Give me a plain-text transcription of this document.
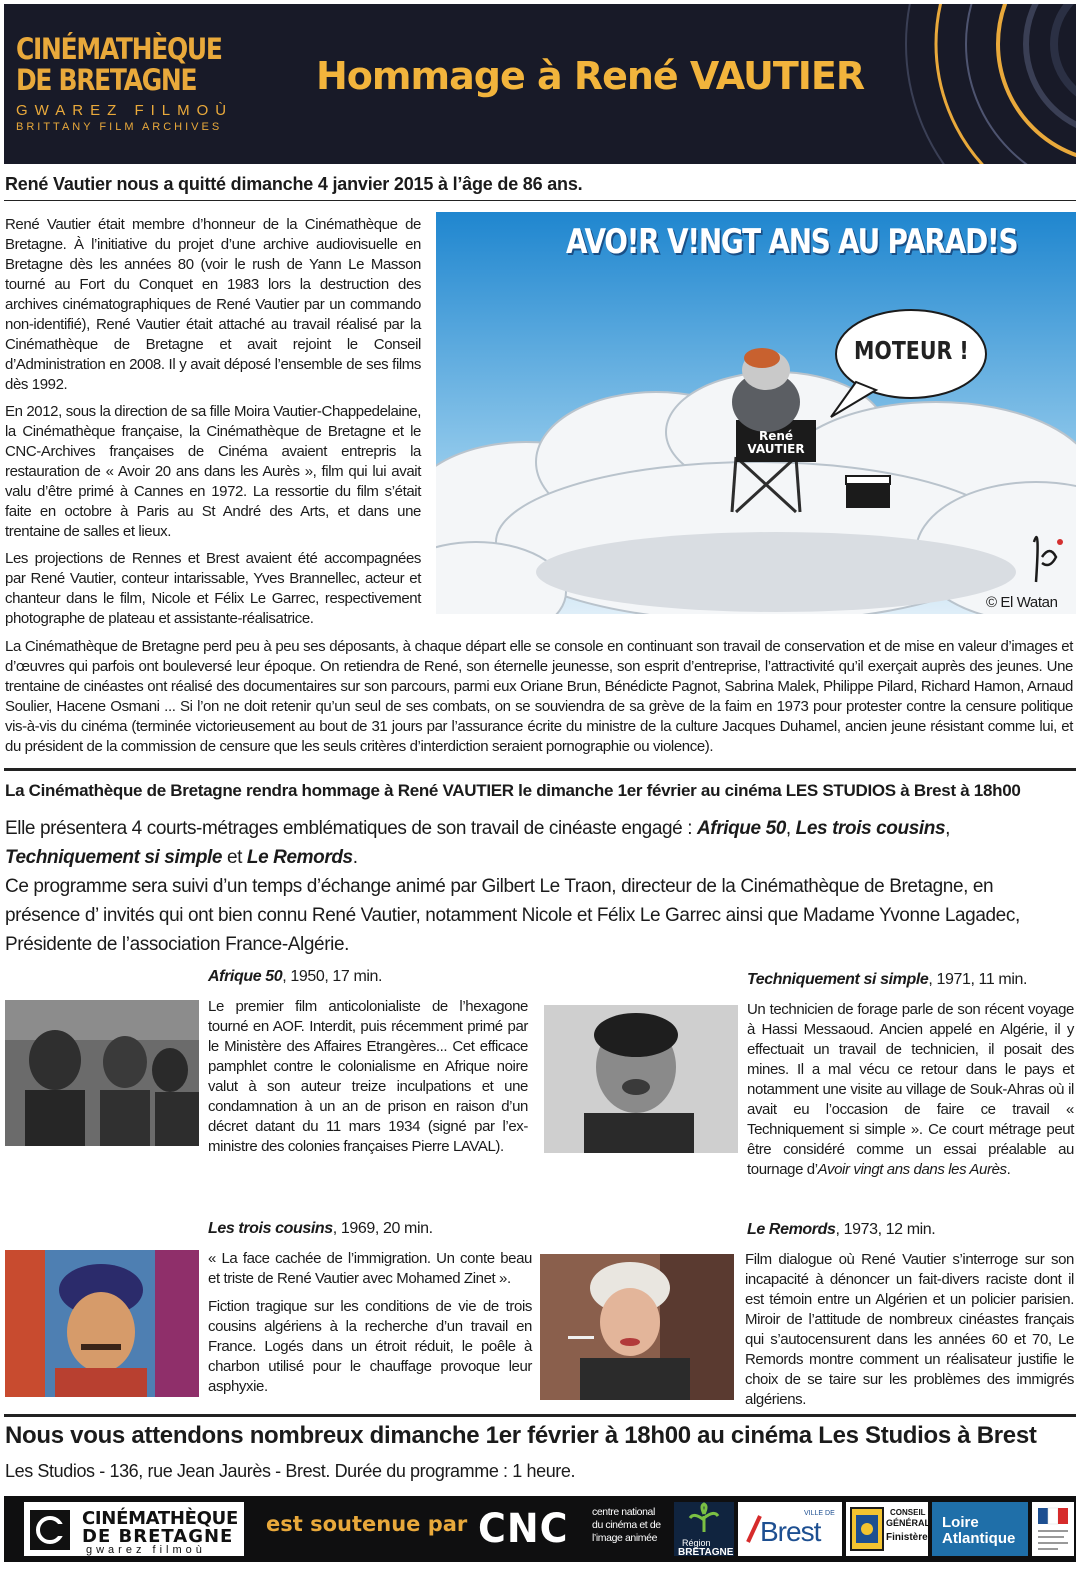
CINÉMATHÈQUE
DE BRETAGNE
GWAREZ FILMOÙ
BRITTANY FILM ARCHIVES
Hommage à René VAUTIER
René Vautier nous a quitté dimanche 4 janvier 2015 à l’âge de 86 ans.

René Vautier était membre d’honneur de la Cinémathèque de Bretagne. À l’initiative du projet d’une archive audiovisuelle en Bretagne dès les années 80 (voir le rush de Yann Le Masson tourné au Fort du Conquet en 1983 lors la destruction des archives cinématographiques de René Vautier par un commando non-identifié), René Vautier était attaché au travail réalisé par la Cinémathèque de Bretagne et avait rejoint le Conseil d’Administration en 2008. Il y avait déposé l’ensemble de ses films dès 1992.

En 2012, sous la direction de sa fille Moira Vautier-Chappedelaine, la Cinémathèque française, la Cinémathèque de Bretagne et le CNC-Archives françaises de Cinéma avaient entrepris la restauration de « Avoir 20 ans dans les Aurès », film qui lui avait valu d’être primé à Cannes en 1972. La ressortie du film s’était faite en octobre à Paris au St André des Arts, et dans une trentaine de salles et lieux.

Les projections de Rennes et Brest avaient été accompagnées par René Vautier, conteur intarissable, Yves Brannellec, acteur et chanteur dans le film, Nicole et Félix Le Garrec, respectivement photographe de plateau et assistante-réalisatrice.

AVO!R V!NGT ANS AU PARAD!S
MOTEUR !
René
VAUTIER
© El Watan

La Cinémathèque de Bretagne perd peu à peu ses déposants, à chaque départ elle se console en continuant son travail de conservation et de mise en valeur d’images et d’œuvres qui parfois ont bouleversé leur époque. On retiendra de René, son éternelle jeunesse, son esprit d’entreprise, l’attractivité qu’il exerçait auprès des jeunes. Une trentaine de cinéastes ont réalisé des documentaires sur son parcours, parmi eux Oriane Brun, Bénédicte Pagnot, Sabrina Malek, Philippe Pilard, Richard Hamon, Arnaud Soulier, Hacene Osmani ... Si l’on ne doit retenir qu’un seul de ses combats, on se souviendra de sa grève de la faim en 1973 pour protester contre la censure politique vis-à-vis du cinéma (terminée victorieusement au bout de 31 jours par l’assurance écrite du ministre de la culture Jacques Duhamel, ancien jeune résistant comme lui, et du président de la commission de censure que les seuls critères d’interdiction seraient pornographie ou violence).

La Cinémathèque de Bretagne rendra hommage à René VAUTIER le dimanche 1er février au cinéma LES STUDIOS à Brest à 18h00
Elle présentera 4 courts-métrages emblématiques de son travail de cinéaste engagé : Afrique 50, Les trois cousins, Techniquement si simple et Le Remords.
Ce programme sera suivi d’un temps d’échange animé par Gilbert Le Traon, directeur de la Cinémathèque de Bretagne, en présence d’ invités qui ont bien connu René Vautier, notamment Nicole et Félix Le Garrec ainsi que Madame Yvonne Lagadec, Présidente de l’association France-Algérie.
Afrique 50, 1950, 17 min.

Le premier film anticolonialiste de l’hexagone tourné en AOF. Interdit, puis récemment primé par le Ministère des Affaires Etrangères... Cet efficace pamphlet contre le colonialisme en Afrique noire valut à son auteur treize inculpations et une condamnation à un an de prison en raison d’un décret datant du 11 mars 1934 (signé par l’ex-ministre des colonies françaises Pierre LAVAL).

Techniquement si simple, 1971, 11 min.

Un technicien de forage parle de son récent voyage à Hassi Messaoud. Ancien appelé en Algérie, il y effectuait un travail de technicien, il posait des mines. Il a mal vécu ce retour dans le pays et notamment une visite au village de Souk-Ahras où il avait eu l’occasion de faire ce travail « Techniquement si simple ». Ce court métrage peut être considéré comme un essai préalable au tournage d’Avoir vingt ans dans les Aurès.

Les trois cousins, 1969, 20 min.

« La face cachée de l’immigration. Un conte beau et triste de René Vautier avec Mohamed Zinet ».

Fiction tragique sur les conditions de vie de trois cousins algériens à la recherche d’un travail en France. Logés dans un étroit réduit, le poêle à charbon utilisé pour le chauffage provoque leur asphyxie.

Le Remords, 1973, 12 min.

Film dialogue où René Vautier s’interroge sur son incapacité à dénoncer un fait-divers raciste dont il est témoin entre un Algérien et un policier parisien. Miroir de l’attitude de nombreux cinéastes français qui s’autocensurent dans les années 60 et 70, Le Remords montre comment un réalisateur justifie le choix de se taire sur les problèmes des immigrés algériens.

Nous vous attendons nombreux dimanche 1er février à 18h00 au cinéma Les Studios à Brest
Les Studios - 136, rue Jean Jaurès - Brest. Durée du programme : 1 heure.
CINÉMATHÈQUE
DE BRETAGNE
gwarez filmoù
est soutenue par CNC centre national
du cinéma et de
l’image animée	Région
BRETAGNE
VILLE DE
Brest
CONSEIL
GÉNÉRAL
Finistère
Loire
Atlantique
